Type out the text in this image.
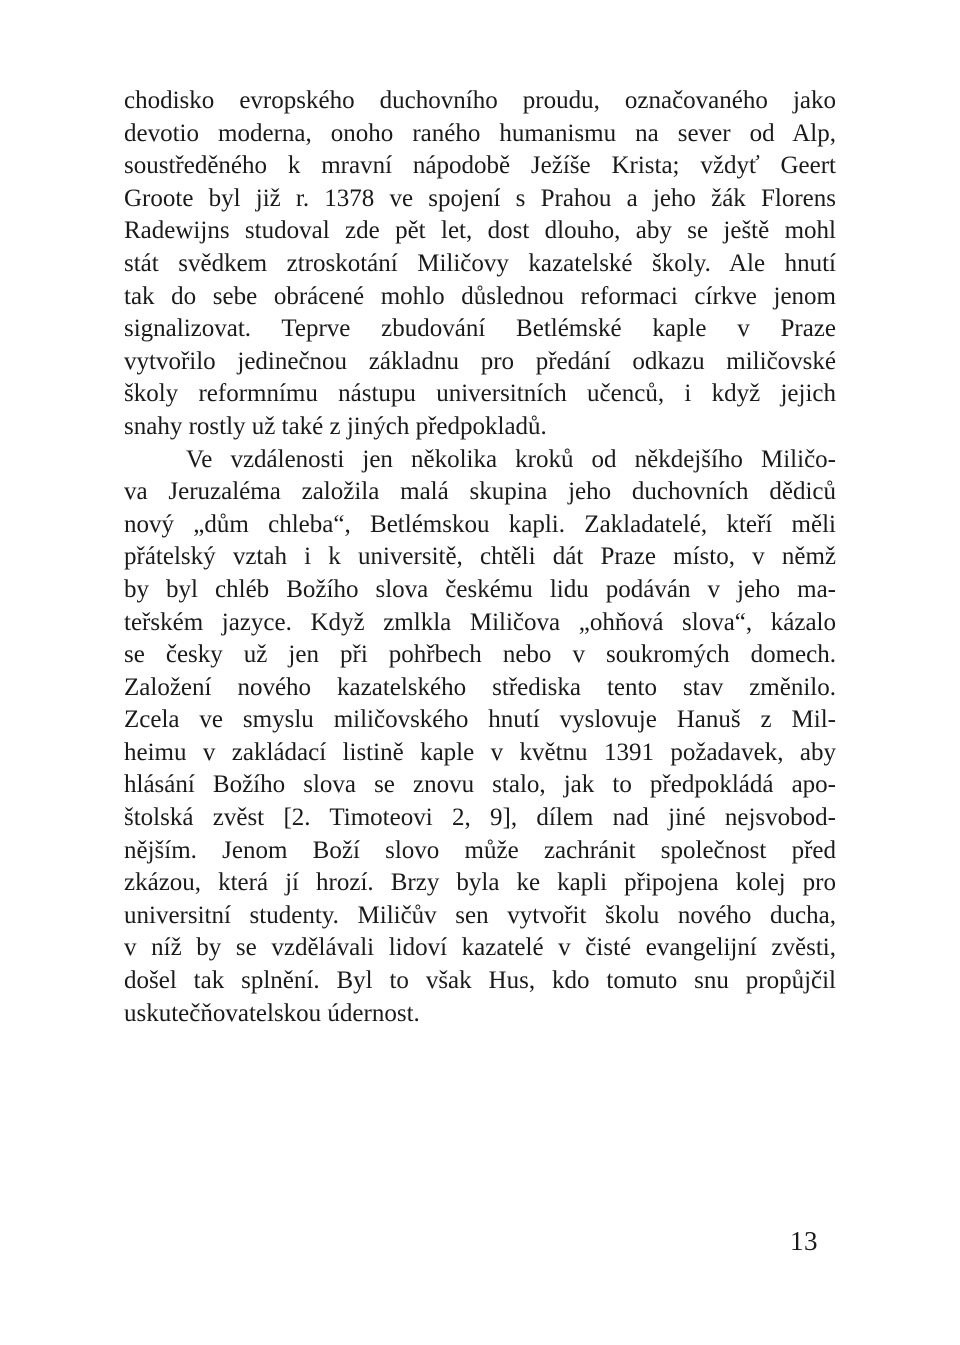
chodisko evropského duchovního proudu, označovaného jako
devotio moderna, onoho raného humanismu na sever od Alp,
soustředěného k mravní nápodobě Ježíše Krista; vždyť Geert
Groote byl již r. 1378 ve spojení s Prahou a jeho žák Florens
Radewijns studoval zde pět let, dost dlouho, aby se ještě mohl
stát svědkem ztroskotání Miličovy kazatelské školy. Ale hnutí
tak do sebe obrácené mohlo důslednou reformaci církve jenom
signalizovat. Teprve zbudování Betlémské kaple v Praze
vytvořilo jedinečnou základnu pro předání odkazu miličovské
školy reformnímu nástupu universitních učenců, i když jejich
snahy rostly už také z jiných předpokladů.

Ve vzdálenosti jen několika kroků od někdejšího Miličo-
va Jeruzaléma založila malá skupina jeho duchovních dědiců
nový „dům chleba“, Betlémskou kapli. Zakladatelé, kteří měli
přátelský vztah i k universitě, chtěli dát Praze místo, v němž
by byl chléb Božího slova českému lidu podáván v jeho ma-
teřském jazyce. Když zmlkla Miličova „ohňová slova“, kázalo
se česky už jen při pohřbech nebo v soukromých domech.
Založení nového kazatelského střediska tento stav změnilo.
Zcela ve smyslu miličovského hnutí vyslovuje Hanuš z Mil-
heimu v zakládací listině kaple v květnu 1391 požadavek, aby
hlásání Božího slova se znovu stalo, jak to předpokládá apo-
štolská zvěst [2. Timoteovi 2, 9], dílem nad jiné nejsvobod-
nějším. Jenom Boží slovo může zachránit společnost před
zkázou, která jí hrozí. Brzy byla ke kapli připojena kolej pro
universitní studenty. Miličův sen vytvořit školu nového ducha,
v níž by se vzdělávali lidoví kazatelé v čisté evangelijní zvěsti,
došel tak splnění. Byl to však Hus, kdo tomuto snu propůjčil
uskutečňovatelskou údernost.

13
